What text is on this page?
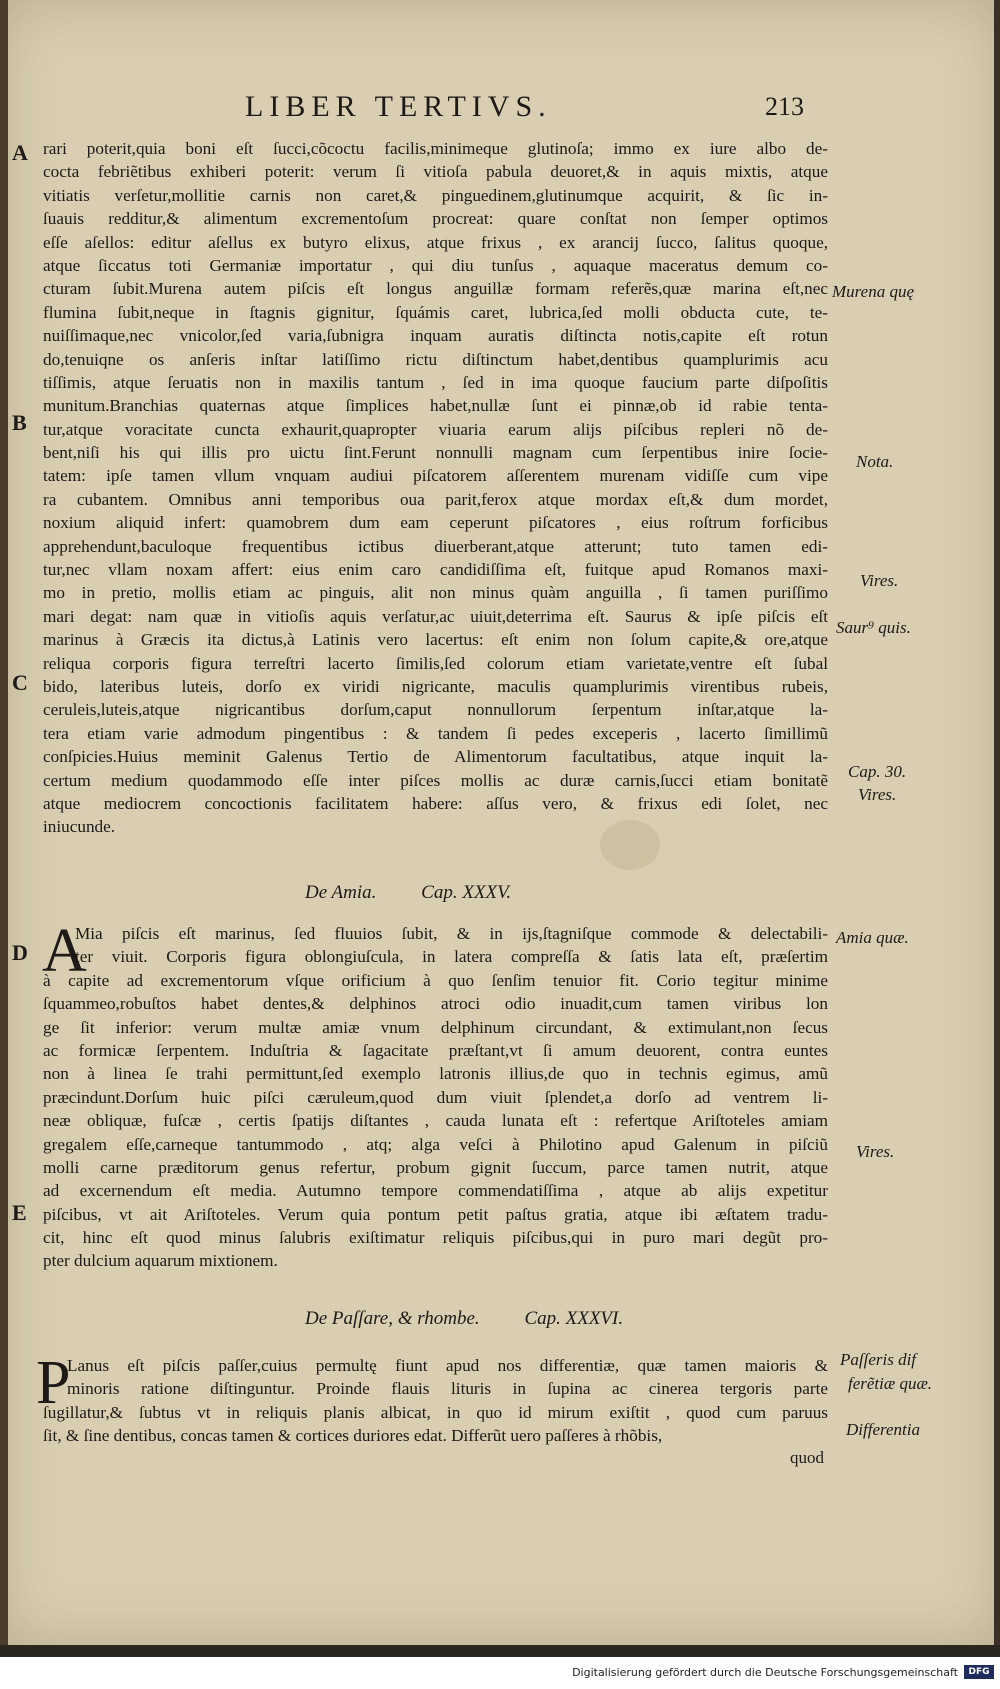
LIBER TERTIVS.	213
A
B
C
D
E
rari poterit,quia boni eſt ſucci,cõcoctu facilis,minimeque glutinoſa; immo ex iure albo de-
cocta febriẽtibus exhiberi poterit: verum ſi vitioſa pabula deuoret,& in aquis mixtis, atque
vitiatis verſetur,mollitie carnis non caret,& pinguedinem,glutinumque acquirit, & ſic in-
ſuauis redditur,& alimentum excrementoſum procreat: quare conſtat non ſemper optimos
eſſe aſellos: editur aſellus ex butyro elixus, atque frixus , ex arancij ſucco, ſalitus quoque,
atque ſiccatus toti Germaniæ importatur , qui diu tunſus , aquaque maceratus demum co-
cturam ſubit.Murena autem piſcis eſt longus anguillæ formam referẽs,quæ marina eſt,nec
flumina ſubit,neque in ſtagnis gignitur, ſquámis caret, lubrica,ſed molli obducta cute, te-
nuiſſimaque,nec vnicolor,ſed varia,ſubnigra inquam auratis diſtincta notis,capite eſt rotun
do,tenuiqne os anſeris inſtar latiſſimo rictu diſtinctum habet,dentibus quamplurimis acu
tiſſimis, atque ſeruatis non in maxilis tantum , ſed in ima quoque faucium parte diſpoſitis
munitum.Branchias quaternas atque ſimplices habet,nullæ ſunt ei pinnæ,ob id rabie tenta-
tur,atque voracitate cuncta exhaurit,quapropter viuaria earum alijs piſcibus repleri nõ de-
bent,niſi his qui illis pro uictu ſint.Ferunt nonnulli magnam cum ſerpentibus inire ſocie-
tatem: ipſe tamen vllum vnquam audiui piſcatorem aſſerentem murenam vidiſſe cum vipe
ra cubantem. Omnibus anni temporibus oua parit,ferox atque mordax eſt,& dum mordet,
noxium aliquid infert: quamobrem dum eam ceperunt piſcatores , eius roſtrum forficibus
apprehendunt,baculoque frequentibus ictibus diuerberant,atque atterunt; tuto tamen edi-
tur,nec vllam noxam affert: eius enim caro candidiſſima eſt, fuitque apud Romanos maxi-
mo in pretio, mollis etiam ac pinguis, alit non minus quàm anguilla , ſi tamen puriſſimo
mari degat: nam quæ in vitioſis aquis verſatur,ac uiuit,deterrima eſt. Saurus & ipſe piſcis eſt
marinus à Græcis ita dictus,à Latinis vero lacertus: eſt enim non ſolum capite,& ore,atque
reliqua corporis figura terreſtri lacerto ſimilis,ſed colorum etiam varietate,ventre eſt ſubal
bido, lateribus luteis, dorſo ex viridi nigricante, maculis quamplurimis virentibus rubeis,
ceruleis,luteis,atque nigricantibus dorſum,caput nonnullorum ſerpentum inſtar,atque la-
tera etiam varie admodum pingentibus : & tandem ſi pedes exceperis , lacerto ſimillimũ
conſpicies.Huius meminit Galenus Tertio de Alimentorum facultatibus, atque inquit la-
certum medium quodammodo eſſe inter piſces mollis ac duræ carnis,ſucci etiam bonitatẽ
atque mediocrem concoctionis facilitatem habere: aſſus vero, & frixus edi ſolet, nec
iniucunde.
De Amia. Cap. XXXV.
A
Mia piſcis eſt marinus, ſed fluuios ſubit, & in ijs,ſtagniſque commode & delectabili-
ter viuit. Corporis figura oblongiuſcula, in latera compreſſa & ſatis lata eſt, præſertim
à capite ad excrementorum vſque orificium à quo ſenſim tenuior fit. Corio tegitur minime
ſquammeo,robuſtos habet dentes,& delphinos atroci odio inuadit,cum tamen viribus lon
ge ſit inferior: verum multæ amiæ vnum delphinum circundant, & extimulant,non ſecus
ac formicæ ſerpentem. Induſtria & ſagacitate præſtant,vt ſi amum deuorent, contra euntes
non à linea ſe trahi permittunt,ſed exemplo latronis illius,de quo in technis egimus, amũ
præcindunt.Dorſum huic piſci cæruleum,quod dum viuit ſplendet,a dorſo ad ventrem li-
neæ obliquæ, fuſcæ , certis ſpatijs diſtantes , cauda lunata eſt : refertque Ariſtoteles amiam
gregalem eſſe,carneque tantummodo , atq; alga veſci à Philotino apud Galenum in piſciũ
molli carne præditorum genus refertur, probum gignit ſuccum, parce tamen nutrit, atque
ad excernendum eſt media. Autumno tempore commendatiſſima , atque ab alijs expetitur
piſcibus, vt ait Ariſtoteles. Verum quia pontum petit paſtus gratia, atque ibi æſtatem tradu-
cit, hinc eſt quod minus ſalubris exiſtimatur reliquis piſcibus,qui in puro mari degũt pro-
pter dulcium aquarum mixtionem.
De Paſſare, & rhombe. Cap. XXXVI.
P
Lanus eſt piſcis paſſer,cuius permultę fiunt apud nos differentiæ, quæ tamen maioris &
minoris ratione diſtinguntur. Proinde flauis lituris in ſupina ac cinerea tergoris parte
ſugillatur,& ſubtus vt in reliquis planis albicat, in quo id mirum exiſtit , quod cum paruus
ſit, & ſine dentibus, concas tamen & cortices duriores edat. Differũt uero paſſeres à rhõbis,
quod
Murena quę
Nota.
Vires.
Saur⁹ quis.
Cap. 30.
Vires.
Amia quæ.
Vires.
Paſſeris dif
ferẽtiæ quæ.
Differentia
Digitalisierung gefördert durch die Deutsche Forschungsgemeinschaft	DFG
